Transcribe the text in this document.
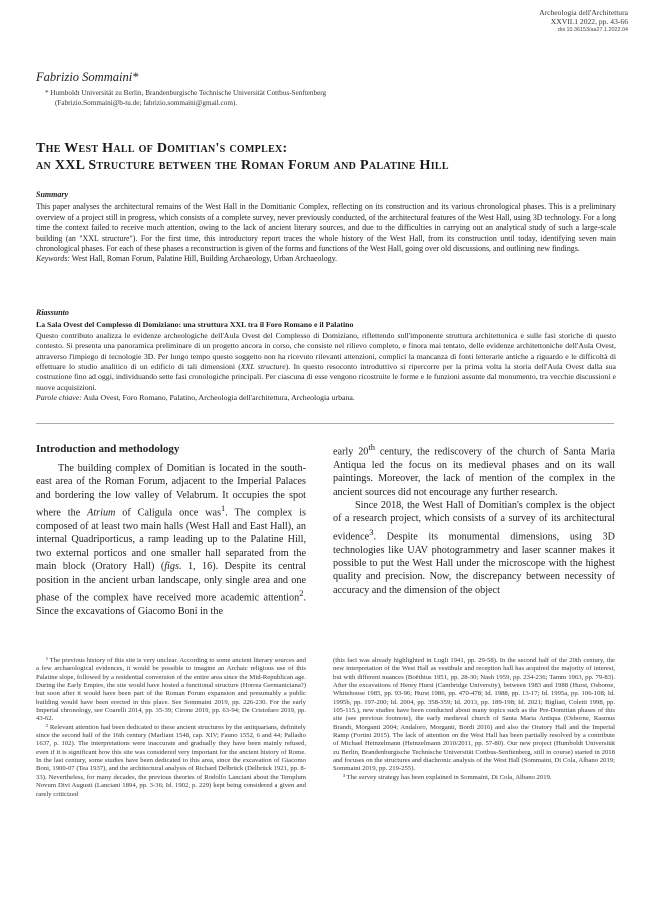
Archeologia dell'Architettura
XXVII.1 2022, pp. 43-66
doi 10.36153/aa27.1.2022.04
Fabrizio Sommaini*
* Humboldt Universität zu Berlin, Brandenburgische Technische Universität Cottbus-Senftenberg
(Fabrizio.Sommaini@b-tu.de; fabrizio.sommaini@gmail.com).
The West Hall of Domitian's complex:
an XXL Structure between the Roman Forum and Palatine Hill
Summary
This paper analyses the architectural remains of the West Hall in the Domitianic Complex, reflecting on its construction and its various chronological phases. This is a preliminary overview of a project still in progress, which consists of a complete survey, never previously conducted, of the architectural features of the West Hall, using 3D technology. For a long time the context failed to receive much attention, owing to the lack of ancient literary sources, and due to the difficulties in carrying out an analytical study of such a large-scale building (an "XXL structure"). For the first time, this introductory report traces the whole history of the West Hall, from its construction until today, identifying seven main chronological phases. For each of these phases a reconstruction is given of the forms and functions of the West Hall, going over old discussions, and outlining new findings.
Keywords: West Hall, Roman Forum, Palatine Hill, Building Archaeology, Urban Archaeology.
Riassunto
La Sala Ovest del Complesso di Domiziano: una struttura XXL tra il Foro Romano e il Palatino
Questo contributo analizza le evidenze archeologiche dell'Aula Ovest del Complesso di Domiziano, riflettendo sull'imponente struttura architettonica e sulle fasi storiche di questo contesto. Si presenta una panoramica preliminare di un progetto ancora in corso, che consiste nel rilievo completo, e finora mai tentato, delle evidenze architettoniche dell'Aula Ovest, attraverso l'impiego di tecnologie 3D. Per lungo tempo questo soggetto non ha ricevuto rilevanti attenzioni, complici la mancanza di fonti letterarie antiche a riguardo e le difficoltà di effettuare lo studio analitico di un edificio di tali dimensioni (XXL structure). In questo resoconto introduttivo si ripercorre per la prima volta la storia dell'Aula Ovest dalla sua costruzione fino ad oggi, individuando sette fasi cronologiche principali. Per ciascuna di esse vengono ricostruite le forme e le funzioni assunte dal monumento, tra vecchie discussioni e nuove acquisizioni.
Parole chiave: Aula Ovest, Foro Romano, Palatino, Archeologia dell'architettura, Archeologia urbana.
Introduction and methodology

The building complex of Domitian is located in the south-east area of the Roman Forum, adjacent to the Imperial Palaces and bordering the low valley of Velabrum. It occupies the spot where the Atrium of Caligula once was$^1$. The complex is composed of at least two main halls (West Hall and East Hall), an internal Quadriporticus, a ramp leading up to the Palatine Hill, two external porticos and one smaller hall separated from the main block (Oratory Hall) (figs. 1, 16). Despite its central position in the ancient urban landscape, only single area and one phase of the complex have received more academic attention$^2$. Since the excavations of Giacomo Boni in the

early 20th century, the rediscovery of the church of Santa Maria Antiqua led the focus on its medieval phases and on its wall paintings. Moreover, the lack of mention of the complex in the ancient sources did not encourage any further research.

Since 2018, the West Hall of Domitian's complex is the object of a research project, which consists of a survey of its architectural evidence$^3$. Despite its monumental dimensions, using 3D technologies like UAV photogrammetry and laser scanner makes it possible to put the West Hall under the microscope with the highest quality and precision. Now, the discrepancy between necessity of accuracy and the dimension of the object

¹ The previous history of this site is very unclear. According to some ancient literary sources and a few archaeological evidences, it would be possible to imagine an Archaic religious use of this Palatine slope, followed by a residential conversion of the entire area since the Mid-Republican age. During the Early Empire, the site would have hosted a functional structure (Horrea Germaniciana?) but soon after it would have been part of the Roman Forum expansion and presumably a public building would have been erected in this place. See Sommaini 2019, pp. 226-230. For the early Imperial chronology, see Coarelli 2014, pp. 35-39; Cirone 2019, pp. 63-94; De Cristofaro 2019, pp. 43-62.

² Relevant attention had been dedicated to these ancient structures by the antiquarians, definitely since the second half of the 16th century (Marliani 1548, cap. XIV; Fauno 1552, 6 and 44; Palladio 1637, p. 102). The interpretations were inaccurate and gradually they have been mainly refused, even if it is significant how this site was considered very important for the ancient history of Rome. In the last century, some studies have been dedicated to this area, since the excavation of Giacomo Boni, 1900-07 (Tea 1937), and the architectural analysis of Richard Delbrück (Delbrück 1921, pp. 8-33). Nevertheless, for many decades, the previous theories of Rodolfo Lanciani about the Templum Novum Divi Augusti (Lanciani 1894, pp. 3-36; Id. 1902, p. 229) kept being considered a given and rarely criticized

(this fact was already highlighted in Lugli 1941, pp. 29-58). In the second half of the 20th century, the new interpretation of the West Hall as vestibule and reception hall has acquired the majority of interest, but with different nuances (Boëthius 1951, pp. 28-30; Nash 1959, pp. 234-236; Tamm 1963, pp. 79-83). After the excavations of Henry Hurst (Cambridge University), between 1983 and 1988 (Hurst, Osborne, Whitehouse 1985, pp. 93-96; Hurst 1986, pp. 470-478; Id. 1988, pp. 13-17; Id. 1995a, pp. 106-108; Id. 1995b, pp. 197-200; Id. 2004, pp. 358-359; Id. 2013, pp. 189-198; Id. 2021; Bigliati, Coletti 1998, pp. 105-115.), new studies have been conducted about many topics such as the Pre-Domitian phases of this site (see previous footnote), the early medieval church of Santa Maria Antiqua (Osborne, Rasmus Brandt, Morganti 2004; Andaloro, Morganti, Bordi 2016) and also the Oratory Hall and the Imperial Ramp (Fortini 2015). The lack of attention on the West Hall has been partially resolved by a contribute of Michael Heinzelmann (Heinzelmann 2010/2011, pp. 57-80). Our new project (Humboldt Universität zu Berlin, Brandenburgische Technische Universität Cottbus-Senftenberg, still in course) started in 2018 and focuses on the structures and diachronic analysis of the West Hall (Sommaini, Di Cola, Albano 2019; Sommaini 2019, pp. 219-255).

³ The survey strategy has been explained in Sommaini, Di Cola, Albano 2019.
